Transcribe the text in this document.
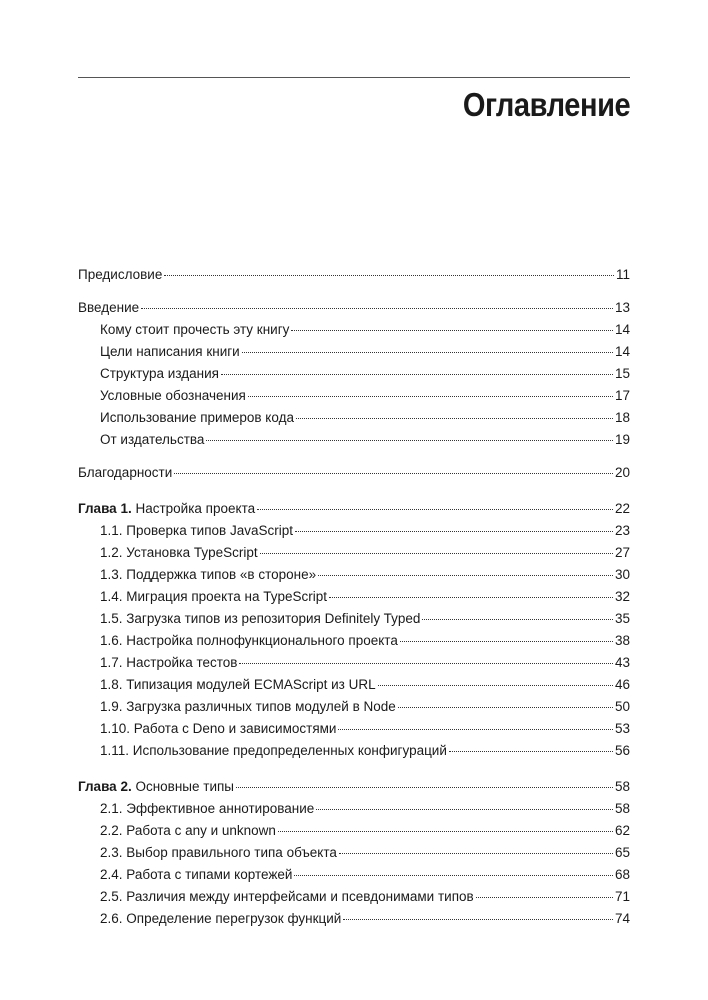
Оглавление
Предисловие	11
Введение	13
Кому стоит прочесть эту книгу	14
Цели написания книги	14
Структура издания	15
Условные обозначения	17
Использование примеров кода	18
От издательства	19
Благодарности	20
Глава 1. Настройка проекта	22
1.1. Проверка типов JavaScript	23
1.2. Установка TypeScript	27
1.3. Поддержка типов «в стороне»	30
1.4. Миграция проекта на TypeScript	32
1.5. Загрузка типов из репозитория Definitely Typed	35
1.6. Настройка полнофункционального проекта	38
1.7. Настройка тестов	43
1.8. Типизация модулей ECMAScript из URL	46
1.9. Загрузка различных типов модулей в Node	50
1.10. Работа с Deno и зависимостями	53
1.11. Использование предопределенных конфигураций	56
Глава 2. Основные типы	58
2.1. Эффективное аннотирование	58
2.2. Работа с any и unknown	62
2.3. Выбор правильного типа объекта	65
2.4. Работа с типами кортежей	68
2.5. Различия между интерфейсами и псевдонимами типов	71
2.6. Определение перегрузок функций	74
